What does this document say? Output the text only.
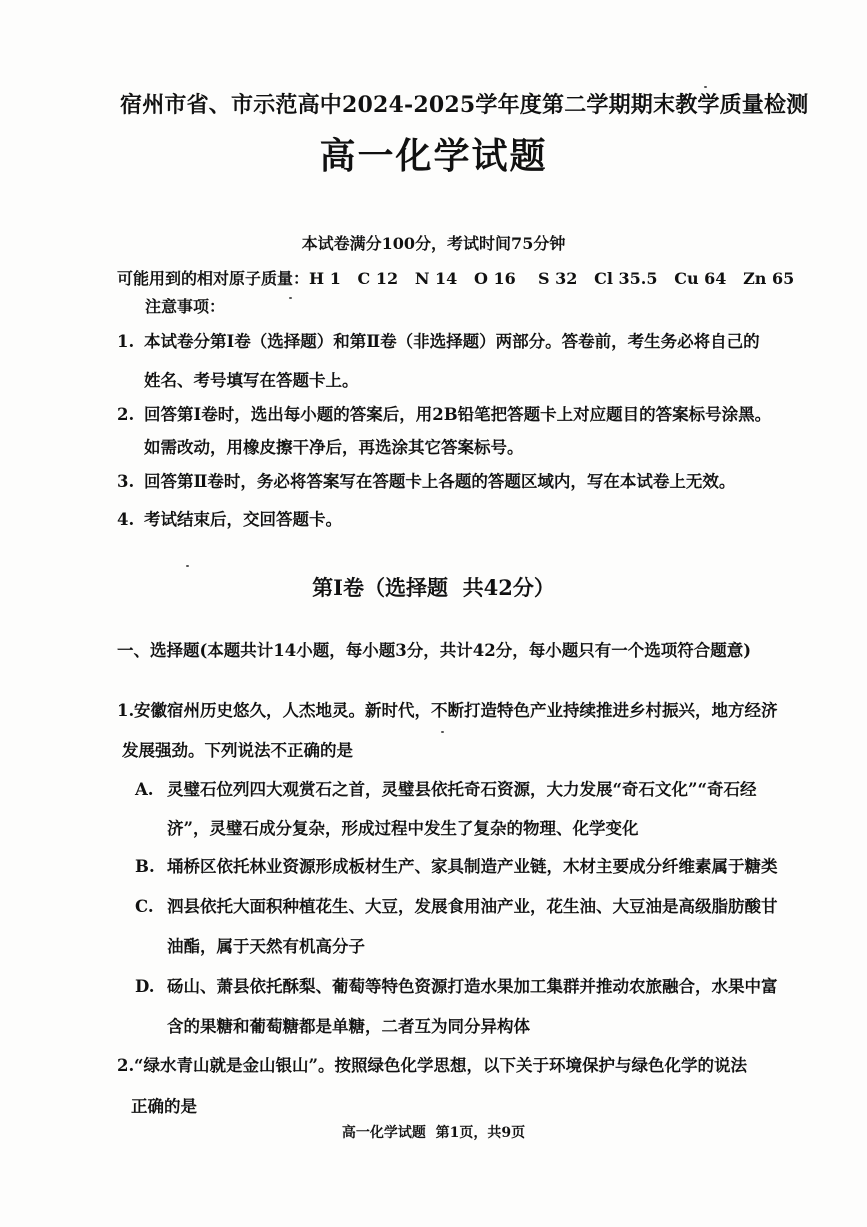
宿州市省、市示范高中2024-2025学年度第二学期期末教学质量检测
高一化学试题
本试卷满分100分，考试时间75分钟
可能用到的相对原子质量：H 1   C 12   N 14   O 16    S 32   Cl 35.5   Cu 64   Zn 65
注意事项：
1. 本试卷分第Ⅰ卷（选择题）和第Ⅱ卷（非选择题）两部分。答卷前，考生务必将自己的
姓名、考号填写在答题卡上。
2. 回答第Ⅰ卷时，选出每小题的答案后，用2B铅笔把答题卡上对应题目的答案标号涂黑。
如需改动，用橡皮擦干净后，再选涂其它答案标号。
3. 回答第Ⅱ卷时，务必将答案写在答题卡上各题的答题区域内，写在本试卷上无效。
4. 考试结束后，交回答题卡。
第Ⅰ卷（选择题  共42分）
一、选择题(本题共计14小题，每小题3分，共计42分，每小题只有一个选项符合题意)
1.安徽宿州历史悠久，人杰地灵。新时代，不断打造特色产业持续推进乡村振兴，地方经济
发展强劲。下列说法不正确的是
A. 灵璧石位列四大观赏石之首，灵璧县依托奇石资源，大力发展“奇石文化”“奇石经
济”，灵璧石成分复杂，形成过程中发生了复杂的物理、化学变化
B. 埇桥区依托林业资源形成板材生产、家具制造产业链，木材主要成分纤维素属于糖类
C. 泗县依托大面积种植花生、大豆，发展食用油产业，花生油、大豆油是高级脂肪酸甘
油酯，属于天然有机高分子
D. 砀山、萧县依托酥梨、葡萄等特色资源打造水果加工集群并推动农旅融合，水果中富
含的果糖和葡萄糖都是单糖，二者互为同分异构体
2.“绿水青山就是金山银山”。按照绿色化学思想，以下关于环境保护与绿色化学的说法
正确的是
高一化学试题  第1页，共9页
